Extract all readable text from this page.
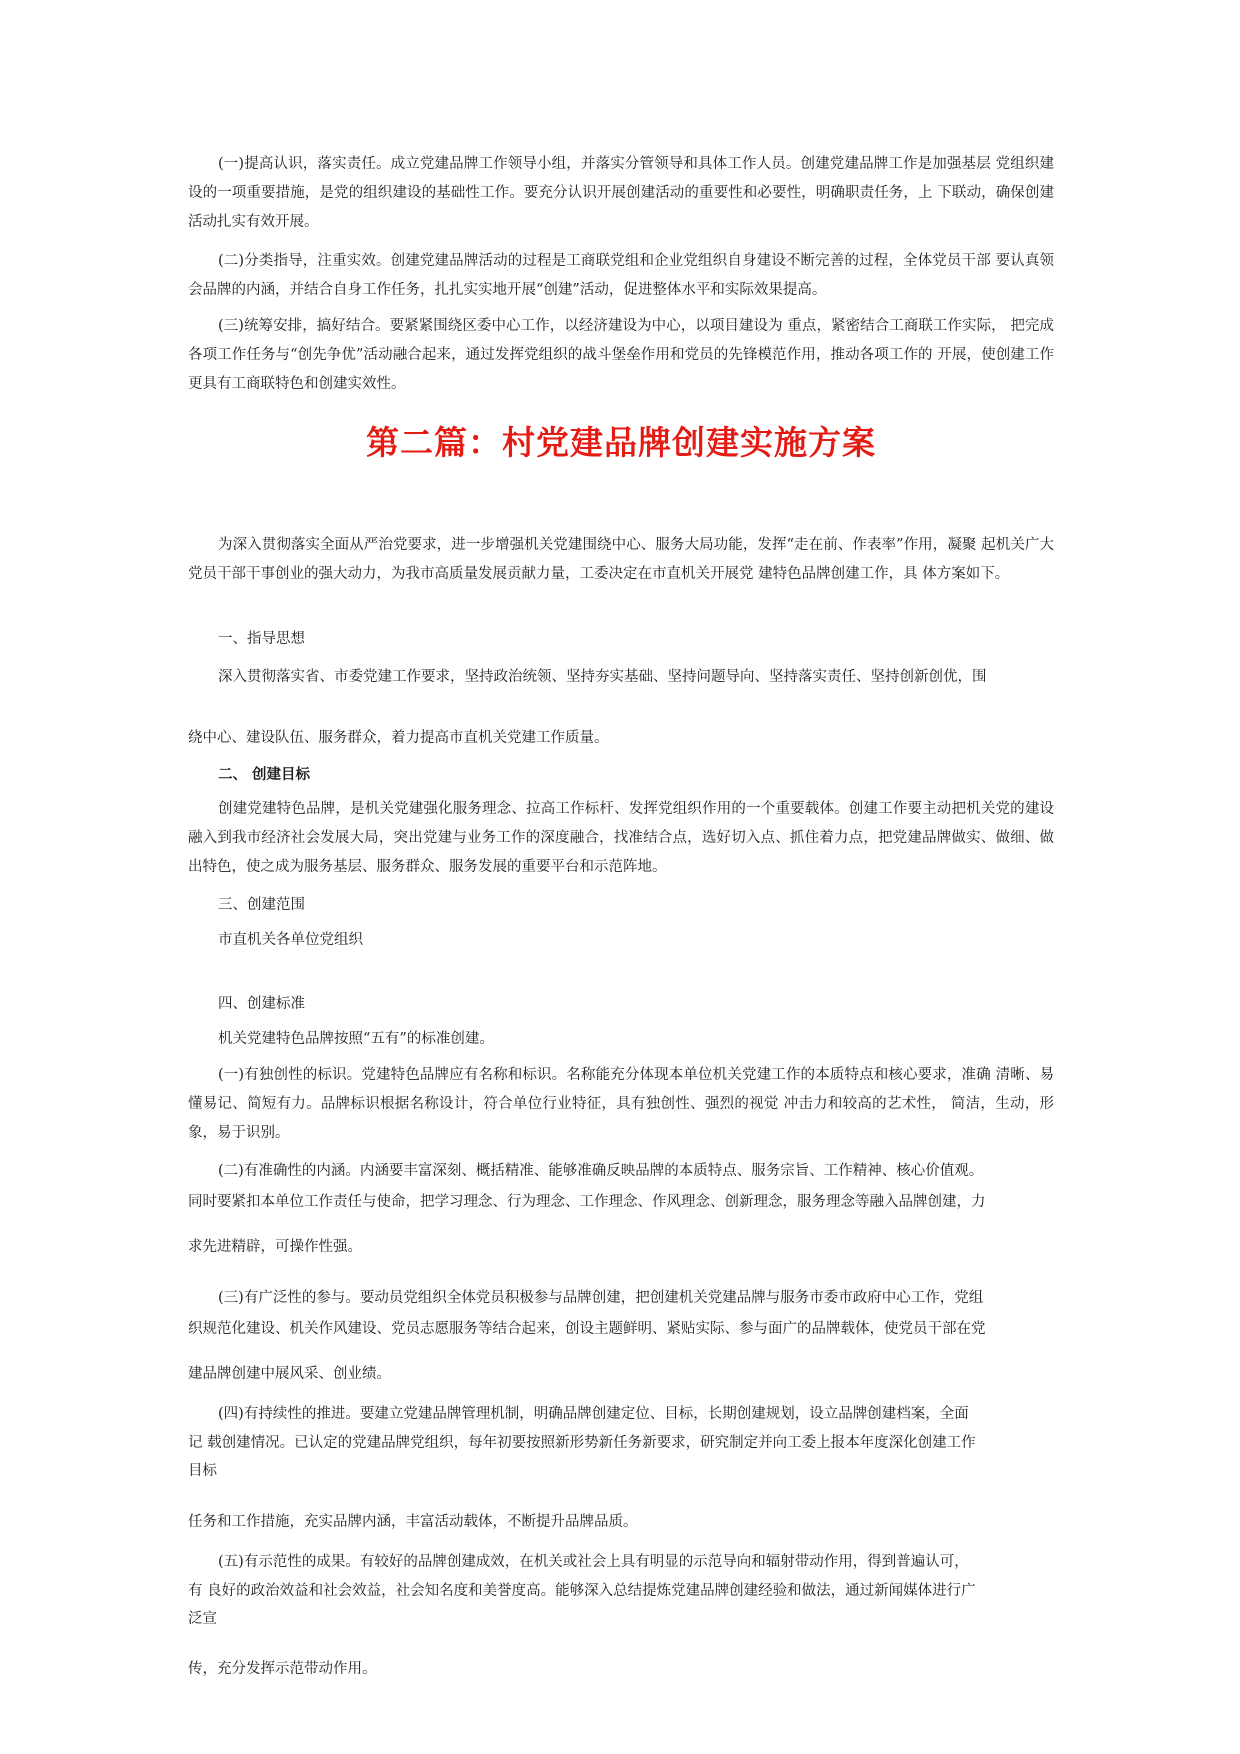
(一)提高认识，落实责任。成立党建品牌工作领导小组，并落实分管领导和具体工作人员。创建党建品牌工作是加强基层 党组织建设的一项重要措施，是党的组织建设的基础性工作。要充分认识开展创建活动的重要性和必要性，明确职责任务，上 下联动，确保创建活动扎实有效开展。

(二)分类指导，注重实效。创建党建品牌活动的过程是工商联党组和企业党组织自身建设不断完善的过程，全体党员干部 要认真领会品牌的内涵，并结合自身工作任务，扎扎实实地开展“创建”活动，促进整体水平和实际效果提高。

(三)统筹安排，搞好结合。要紧紧围绕区委中心工作，以经济建设为中心，以项目建设为 重点，紧密结合工商联工作实际， 把完成各项工作任务与“创先争优”活动融合起来，通过发挥党组织的战斗堡垒作用和党员的先锋模范作用，推动各项工作的 开展，使创建工作更具有工商联特色和创建实效性。

第二篇：村党建品牌创建实施方案

为深入贯彻落实全面从严治党要求，进一步增强机关党建围绕中心、服务大局功能，发挥“走在前、作表率”作用，凝聚 起机关广大党员干部干事创业的强大动力，为我市高质量发展贡献力量，工委决定在市直机关开展党 建特色品牌创建工作，具 体方案如下。

一、指导思想

深入贯彻落实省、市委党建工作要求，坚持政治统领、坚持夯实基础、坚持问题导向、坚持落实责任、坚持创新创优，围

绕中心、建设队伍、服务群众，着力提高市直机关党建工作质量。

二、 创建目标

创建党建特色品牌，是机关党建强化服务理念、拉高工作标杆、发挥党组织作用的一个重要载体。创建工作要主动把机关党的建设融入到我市经济社会发展大局，突出党建与业务工作的深度融合，找准结合点，选好切入点、抓住着力点，把党建品牌做实、做细、做出特色，使之成为服务基层、服务群众、服务发展的重要平台和示范阵地。

三、创建范围

市直机关各单位党组织

四、创建标准

机关党建特色品牌按照“五有”的标准创建。

(一)有独创性的标识。党建特色品牌应有名称和标识。名称能充分体现本单位机关党建工作的本质特点和核心要求，准确 清晰、易懂易记、简短有力。品牌标识根据名称设计，符合单位行业特征，具有独创性、强烈的视觉 冲击力和较高的艺术性， 简洁，生动，形象，易于识别。

(二)有准确性的内涵。内涵要丰富深刻、概括精准、能够准确反映品牌的本质特点、服务宗旨、工作精神、核心价值观。

同时要紧扣本单位工作责任与使命，把学习理念、行为理念、工作理念、作风理念、创新理念，服务理念等融入品牌创建，力

求先进精辟，可操作性强。

(三)有广泛性的参与。要动员党组织全体党员积极参与品牌创建，把创建机关党建品牌与服务市委市政府中心工作，党组

织规范化建设、机关作风建设、党员志愿服务等结合起来，创设主题鲜明、紧贴实际、参与面广的品牌载体，使党员干部在党

建品牌创建中展风采、创业绩。

(四)有持续性的推进。要建立党建品牌管理机制，明确品牌创建定位、目标，长期创建规划，设立品牌创建档案，全面

记 载创建情况。已认定的党建品牌党组织，每年初要按照新形势新任务新要求，研究制定并向工委上报本年度深化创建工作

目标

任务和工作措施，充实品牌内涵，丰富活动载体，不断提升品牌品质。

(五)有示范性的成果。有较好的品牌创建成效，在机关或社会上具有明显的示范导向和辐射带动作用，得到普遍认可，

有 良好的政治效益和社会效益，社会知名度和美誉度高。能够深入总结提炼党建品牌创建经验和做法，通过新闻媒体进行广

泛宣

传，充分发挥示范带动作用。
